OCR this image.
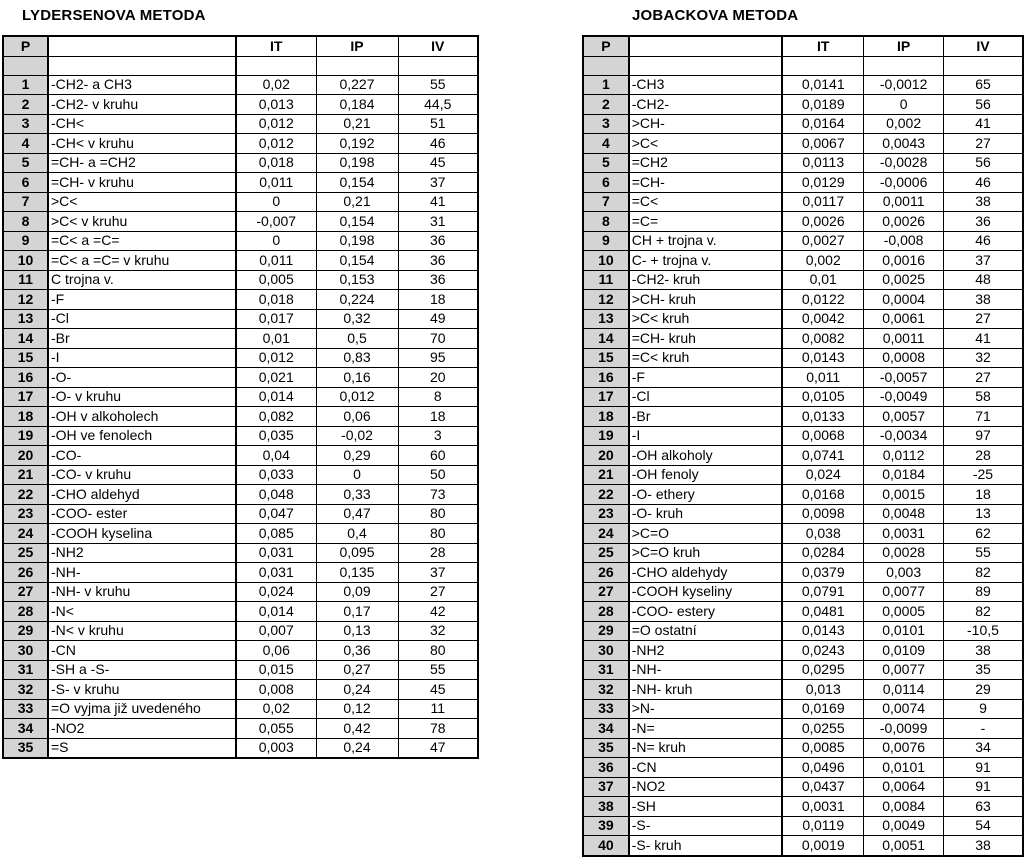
LYDERSENOVA METODA	JOBACKOVA METODA
P		IT	IP	IV

1	-CH2- a CH3	0,02	0,227	55
2	-CH2- v kruhu	0,013	0,184	44,5
3	-CH<	0,012	0,21	51
4	-CH< v kruhu	0,012	0,192	46
5	=CH- a =CH2	0,018	0,198	45
6	=CH- v kruhu	0,011	0,154	37
7	>C<	0	0,21	41
8	>C< v kruhu	-0,007	0,154	31
9	=C< a =C=	0	0,198	36
10	=C< a =C= v kruhu	0,011	0,154	36
11	C trojna v.	0,005	0,153	36
12	-F	0,018	0,224	18
13	-Cl	0,017	0,32	49
14	-Br	0,01	0,5	70
15	-I	0,012	0,83	95
16	-O-	0,021	0,16	20
17	-O- v kruhu	0,014	0,012	8
18	-OH v alkoholech	0,082	0,06	18
19	-OH ve fenolech	0,035	-0,02	3
20	-CO-	0,04	0,29	60
21	-CO- v kruhu	0,033	0	50
22	-CHO aldehyd	0,048	0,33	73
23	-COO- ester	0,047	0,47	80
24	-COOH kyselina	0,085	0,4	80
25	-NH2	0,031	0,095	28
26	-NH-	0,031	0,135	37
27	-NH- v kruhu	0,024	0,09	27
28	-N<	0,014	0,17	42
29	-N< v kruhu	0,007	0,13	32
30	-CN	0,06	0,36	80
31	-SH a -S-	0,015	0,27	55
32	-S- v kruhu	0,008	0,24	45
33	=O vyjma již uvedeného	0,02	0,12	11
34	-NO2	0,055	0,42	78
35	=S	0,003	0,24	47
P		IT	IP	IV

1	-CH3	0,0141	-0,0012	65
2	-CH2-	0,0189	0	56
3	>CH-	0,0164	0,002	41
4	>C<	0,0067	0,0043	27
5	=CH2	0,0113	-0,0028	56
6	=CH-	0,0129	-0,0006	46
7	=C<	0,0117	0,0011	38
8	=C=	0,0026	0,0026	36
9	CH + trojna v.	0,0027	-0,008	46
10	C- + trojna v.	0,002	0,0016	37
11	-CH2- kruh	0,01	0,0025	48
12	>CH- kruh	0,0122	0,0004	38
13	>C< kruh	0,0042	0,0061	27
14	=CH- kruh	0,0082	0,0011	41
15	=C< kruh	0,0143	0,0008	32
16	-F	0,011	-0,0057	27
17	-Cl	0,0105	-0,0049	58
18	-Br	0,0133	0,0057	71
19	-I	0,0068	-0,0034	97
20	-OH alkoholy	0,0741	0,0112	28
21	-OH fenoly	0,024	0,0184	-25
22	-O- ethery	0,0168	0,0015	18
23	-O- kruh	0,0098	0,0048	13
24	>C=O	0,038	0,0031	62
25	>C=O kruh	0,0284	0,0028	55
26	-CHO aldehydy	0,0379	0,003	82
27	-COOH kyseliny	0,0791	0,0077	89
28	-COO- estery	0,0481	0,0005	82
29	=O ostatní	0,0143	0,0101	-10,5
30	-NH2	0,0243	0,0109	38
31	-NH-	0,0295	0,0077	35
32	-NH- kruh	0,013	0,0114	29
33	>N-	0,0169	0,0074	9
34	-N=	0,0255	-0,0099	-
35	-N= kruh	0,0085	0,0076	34
36	-CN	0,0496	0,0101	91
37	-NO2	0,0437	0,0064	91
38	-SH	0,0031	0,0084	63
39	-S-	0,0119	0,0049	54
40	-S- kruh	0,0019	0,0051	38
